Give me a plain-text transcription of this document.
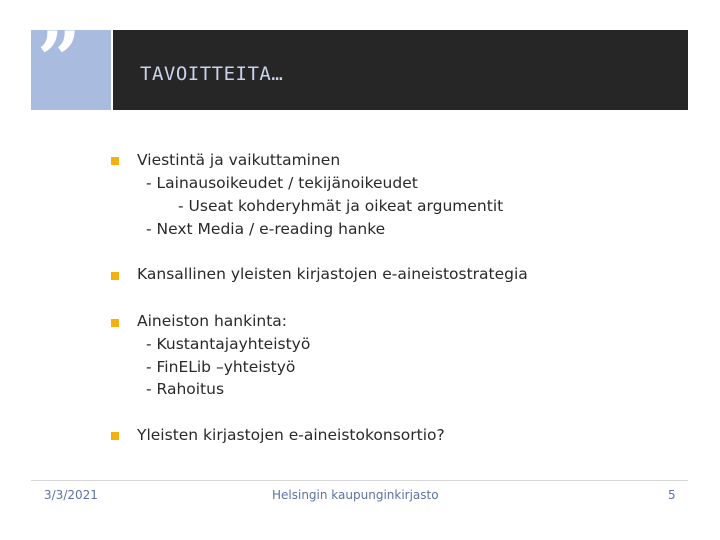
”	TAVOITTEITA…
Viestintä ja vaikuttaminen
- Lainausoikeudet / tekijänoikeudet
- Useat kohderyhmät ja oikeat argumentit
- Next Media / e-reading hanke
Kansallinen yleisten kirjastojen e-aineistostrategia
Aineiston hankinta:
- Kustantajayhteistyö
- FinELib –yhteistyö
- Rahoitus
Yleisten kirjastojen e-aineistokonsortio?
3/3/2021	Helsingin kaupunginkirjasto	5
